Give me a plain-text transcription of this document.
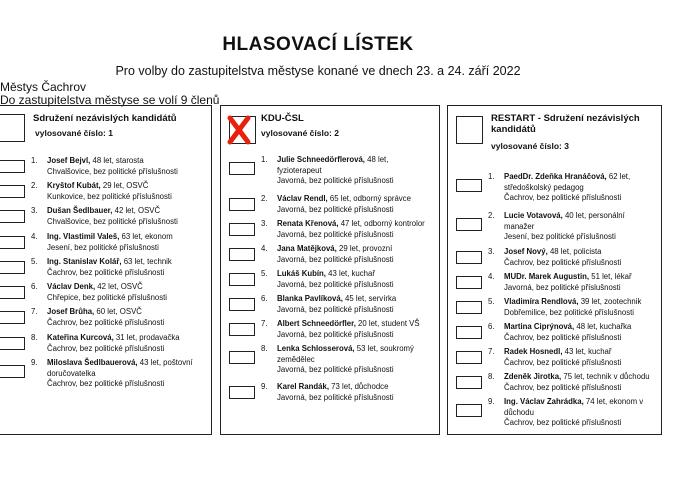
HLASOVACÍ LÍSTEK
Pro volby do zastupitelstva městyse konané ve dnech 23. a 24. září 2022
Městys Čachrov
Do zastupitelstva městyse se volí 9 členů
Sdružení nezávislých kandidátů
vylosované číslo: 1
1. Josef Bejvl, 48 let, starosta
Chvalšovice, bez politické příslušnosti
2. Kryštof Kubát, 29 let, OSVČ
Kunkovice, bez politické příslušnosti
3. Dušan Šedlbauer, 42 let, OSVČ
Chvalšovice, bez politické příslušnosti
4. Ing. Vlastimil Valeš, 63 let, ekonom
Jesení, bez politické příslušnosti
5. Ing. Stanislav Kolář, 63 let, technik
Čachrov, bez politické příslušnosti
6. Václav Denk, 42 let, OSVČ
Chřepice, bez politické příslušnosti
7. Josef Brůha, 60 let, OSVČ
Čachrov, bez politické příslušnosti
8. Kateřina Kurcová, 31 let, prodavačka
Čachrov, bez politické příslušnosti
9. Miloslava Šedlbauerová, 43 let, poštovní
doručovatelka
Čachrov, bez politické příslušnosti
KDU-ČSL
vylosované číslo: 2
1. Julie Schneedörflerová, 48 let,
fyzioterapeut
Javorná, bez politické příslušnosti
2. Václav Rendl, 65 let, odborný správce
Javorná, bez politické příslušnosti
3. Renata Křenová, 47 let, odborný kontrolor
Javorná, bez politické příslušnosti
4. Jana Matějková, 29 let, provozní
Javorná, bez politické příslušnosti
5. Lukáš Kubín, 43 let, kuchař
Javorná, bez politické příslušnosti
6. Blanka Pavlíková, 45 let, servírka
Javorná, bez politické příslušnosti
7. Albert Schneedörfler, 20 let, student VŠ
Javorná, bez politické příslušnosti
8. Lenka Schlosserová, 53 let, soukromý
zemědělec
Javorná, bez politické příslušnosti
9. Karel Randák, 73 let, důchodce
Javorná, bez politické příslušnosti
RESTART - Sdružení nezávislých
kandidátů
vylosované číslo: 3
1. PaedDr. Zdeňka Hranáčová, 62 let,
středoškolský pedagog
Čachrov, bez politické příslušnosti
2. Lucie Votavová, 40 let, personální
manažer
Jesení, bez politické příslušnosti
3. Josef Nový, 48 let, policista
Čachrov, bez politické příslušnosti
4. MUDr. Marek Augustin, 51 let, lékař
Javorná, bez politické příslušnosti
5. Vladimíra Rendlová, 39 let, zootechnik
Dobřemilice, bez politické příslušnosti
6. Martina Ciprýnová, 48 let, kuchařka
Čachrov, bez politické příslušnosti
7. Radek Hosnedl, 43 let, kuchař
Čachrov, bez politické příslušnosti
8. Zdeněk Jirotka, 75 let, technik v důchodu
Čachrov, bez politické příslušnosti
9. Ing. Václav Zahrádka, 74 let, ekonom v
důchodu
Čachrov, bez politické příslušnosti
